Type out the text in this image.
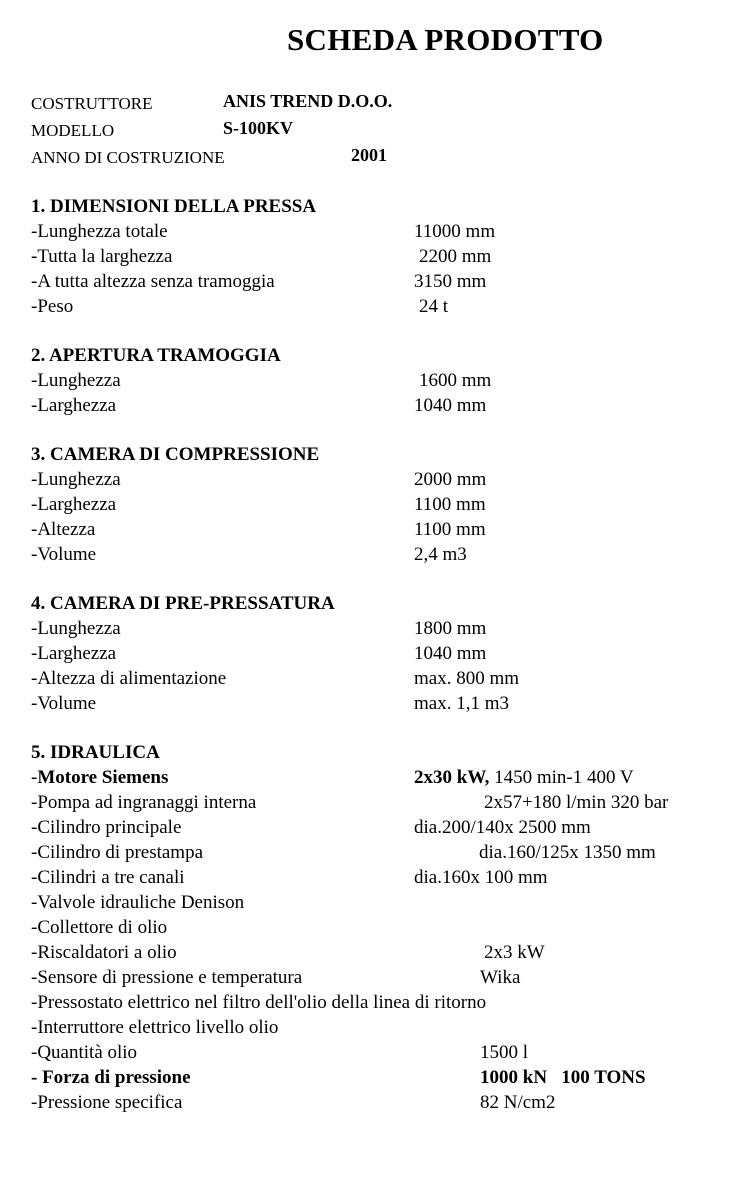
SCHEDA PRODOTTO
COSTRUTTORE	ANIS TREND D.O.O.
MODELLO	S-100KV
ANNO DI COSTRUZIONE	2001
1. DIMENSIONI DELLA PRESSA
-Lunghezza totale	11000 mm
-Tutta la larghezza	2200 mm
-A tutta altezza senza tramoggia	3150 mm
-Peso	24 t
2. APERTURA TRAMOGGIA
-Lunghezza	1600 mm
-Larghezza	1040 mm
3. CAMERA DI COMPRESSIONE
-Lunghezza	2000 mm
-Larghezza	1100 mm
-Altezza	1100 mm
-Volume	2,4 m3
4. CAMERA DI PRE-PRESSATURA
-Lunghezza	1800 mm
-Larghezza	1040 mm
-Altezza di alimentazione	max. 800 mm
-Volume	max. 1,1 m3
5. IDRAULICA
-Motore Siemens	2x30 kW, 1450 min-1 400 V
-Pompa ad ingranaggi interna	2x57+180 l/min 320 bar
-Cilindro principale	dia.200/140x 2500 mm
-Cilindro di prestampa	dia.160/125x 1350 mm
-Cilindri a tre canali	dia.160x 100 mm
-Valvole idrauliche Denison
-Collettore di olio
-Riscaldatori a olio	2x3 kW
-Sensore di pressione e temperatura	Wika
-Pressostato elettrico nel filtro dell'olio della linea di ritorno
-Interruttore elettrico livello olio
-Quantità olio	1500 l
- Forza di pressione	1000 kN   100 TONS
-Pressione specifica	82 N/cm2
